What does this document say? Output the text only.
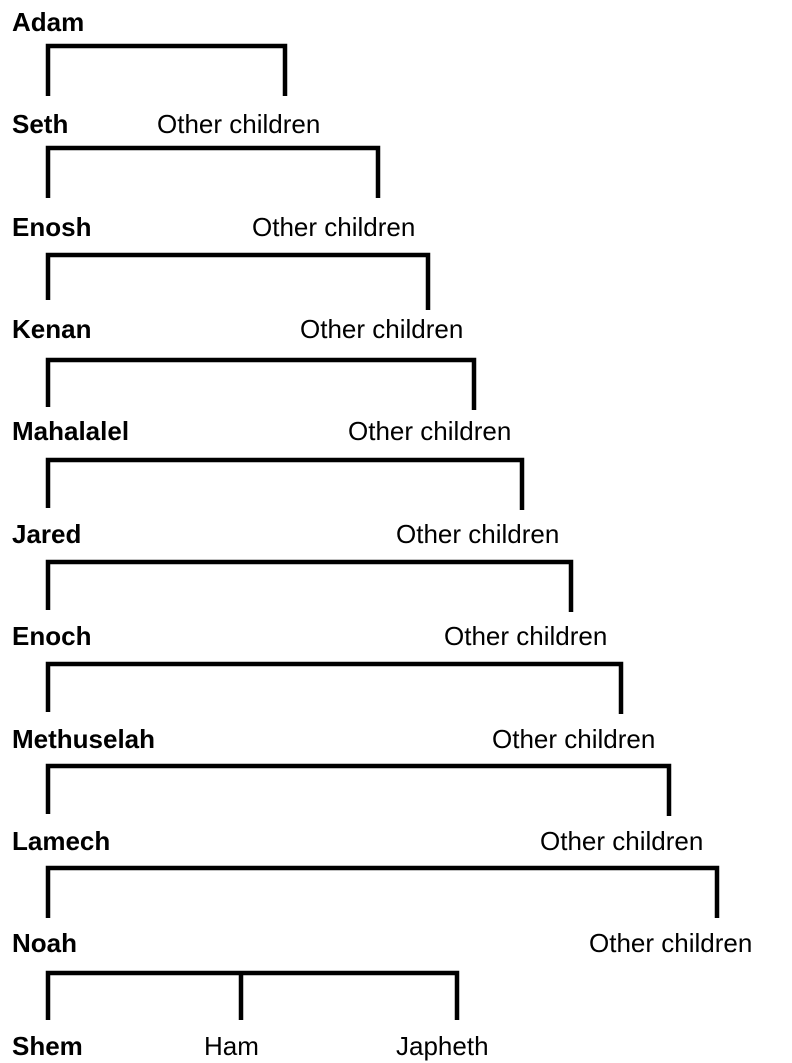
Adam
Seth
Enosh
Kenan
Mahalalel
Jared
Enoch
Methuselah
Lamech
Noah
Shem
Other children
Other children
Other children
Other children
Other children
Other children
Other children
Other children
Other children
Ham	Japheth
